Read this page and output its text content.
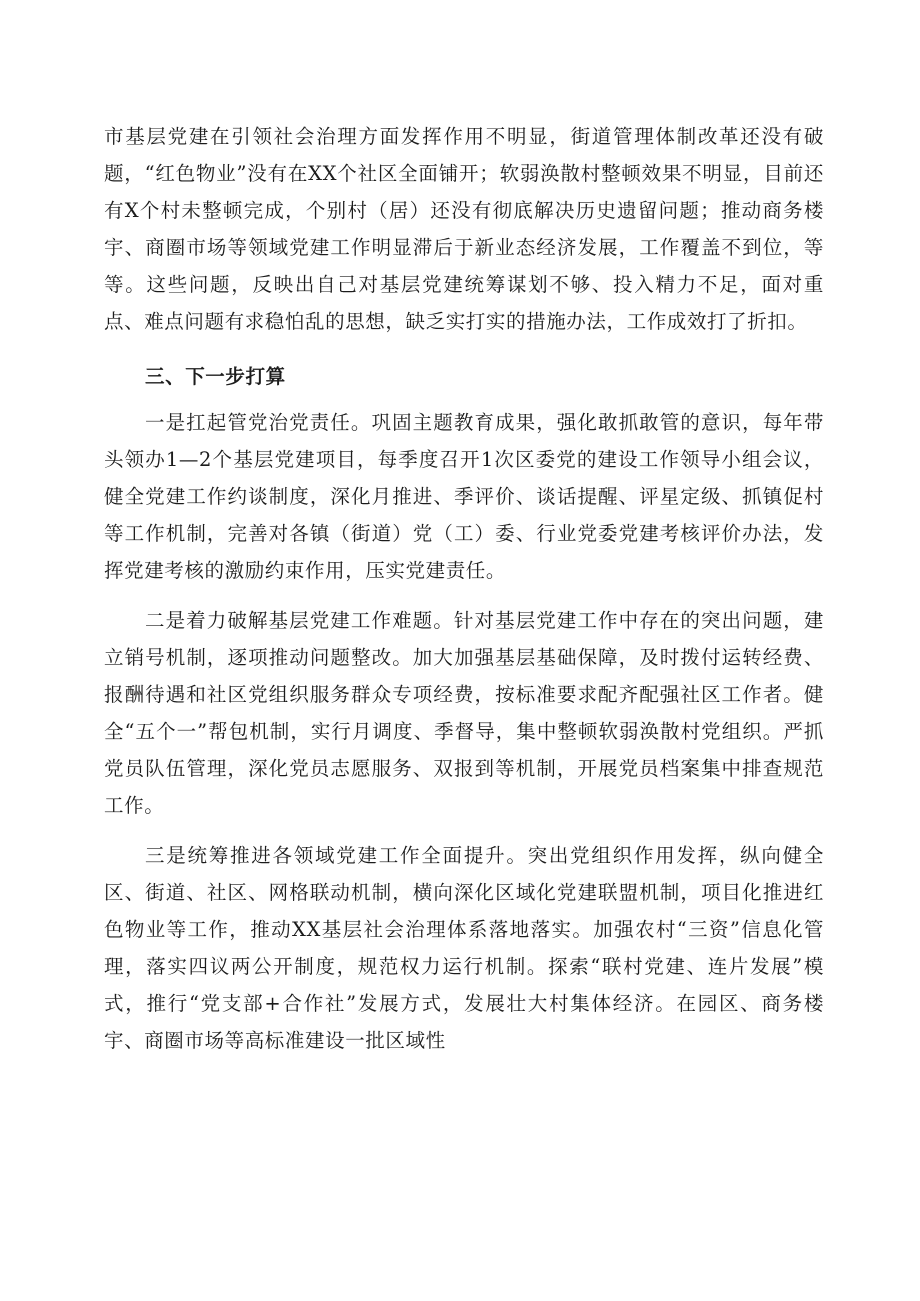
市基层党建在引领社会治理方面发挥作用不明显，街道管理体制改革还没有破题，“红色物业”没有在XX个社区全面铺开；软弱涣散村整顿效果不明显，目前还有X个村未整顿完成，个别村（居）还没有彻底解决历史遗留问题；推动商务楼宇、商圈市场等领域党建工作明显滞后于新业态经济发展，工作覆盖不到位，等等。这些问题，反映出自己对基层党建统筹谋划不够、投入精力不足，面对重点、难点问题有求稳怕乱的思想，缺乏实打实的措施办法，工作成效打了折扣。

三、下一步打算

一是扛起管党治党责任。巩固主题教育成果，强化敢抓敢管的意识，每年带头领办1—2个基层党建项目，每季度召开1次区委党的建设工作领导小组会议，健全党建工作约谈制度，深化月推进、季评价、谈话提醒、评星定级、抓镇促村等工作机制，完善对各镇（街道）党（工）委、行业党委党建考核评价办法，发挥党建考核的激励约束作用，压实党建责任。

二是着力破解基层党建工作难题。针对基层党建工作中存在的突出问题，建立销号机制，逐项推动问题整改。加大加强基层基础保障，及时拨付运转经费、报酬待遇和社区党组织服务群众专项经费，按标准要求配齐配强社区工作者。健全“五个一”帮包机制，实行月调度、季督导，集中整顿软弱涣散村党组织。严抓党员队伍管理，深化党员志愿服务、双报到等机制，开展党员档案集中排查规范工作。

三是统筹推进各领域党建工作全面提升。突出党组织作用发挥，纵向健全区、街道、社区、网格联动机制，横向深化区域化党建联盟机制，项目化推进红色物业等工作，推动XX基层社会治理体系落地落实。加强农村“三资”信息化管理，落实四议两公开制度，规范权力运行机制。探索“联村党建、连片发展”模式，推行“党支部+合作社”发展方式，发展壮大村集体经济。在园区、商务楼宇、商圈市场等高标准建设一批区域性
